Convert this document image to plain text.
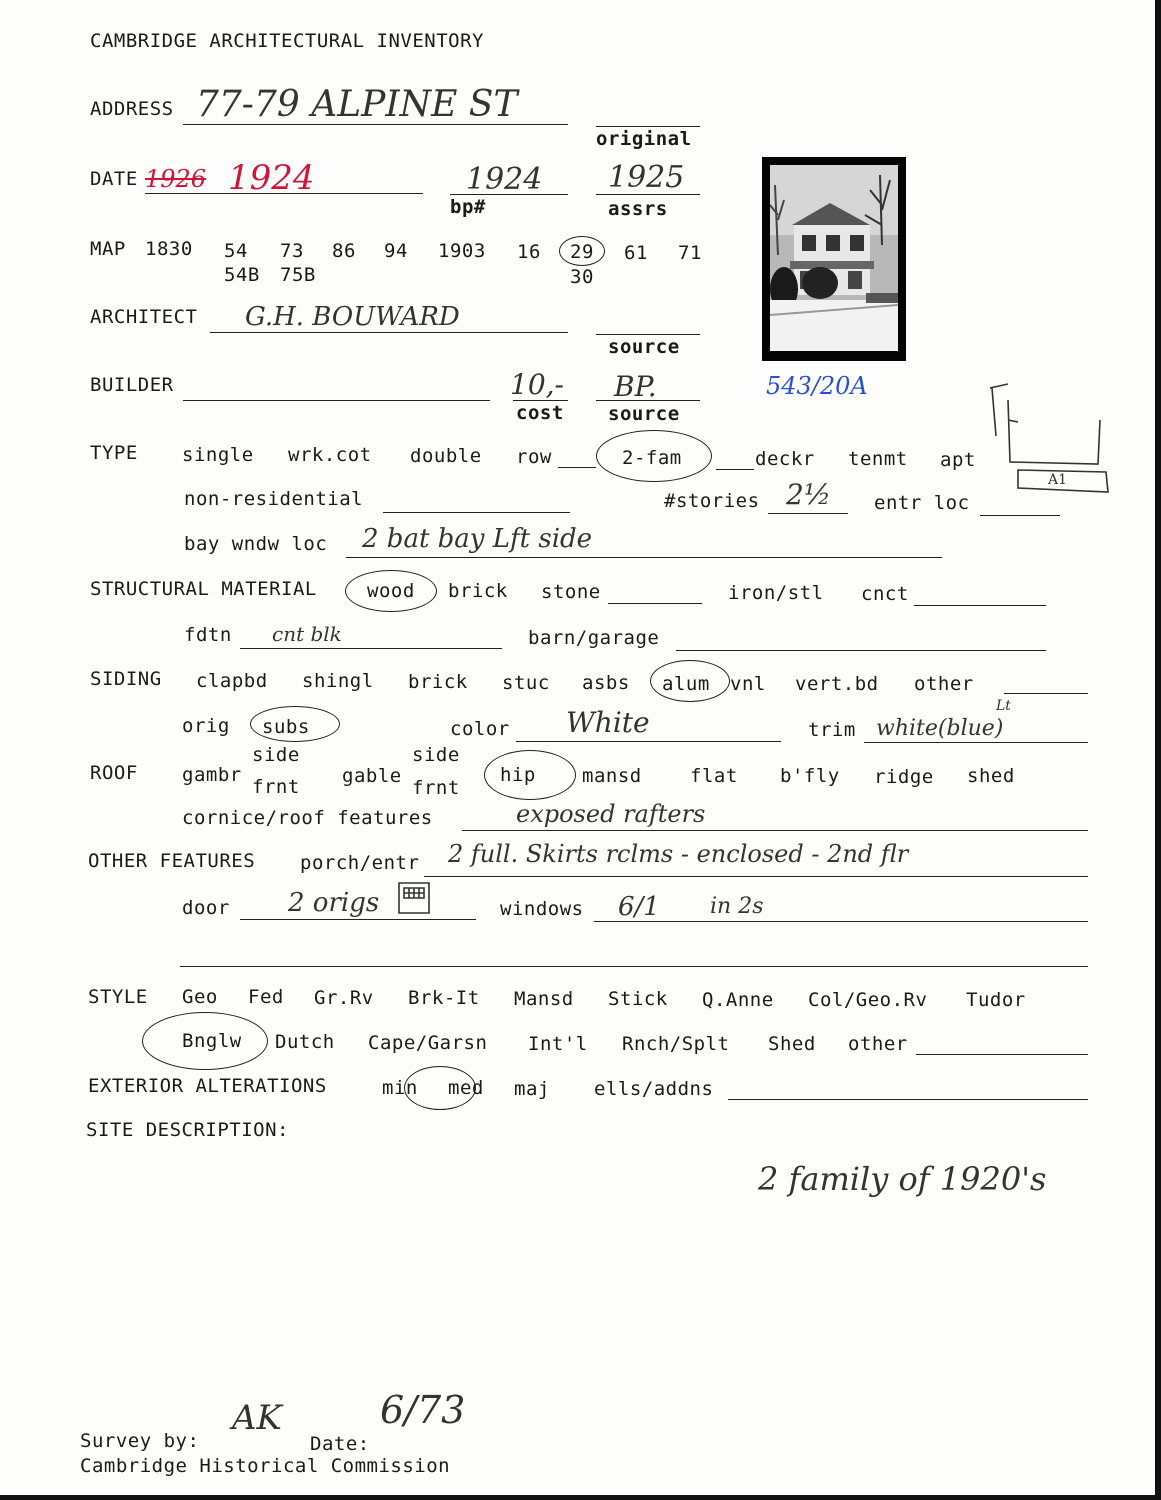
CAMBRIDGE ARCHITECTURAL INVENTORY
ADDRESS 77-79 ALPINE ST
original
DATE 1926 1924	1924
bp#
1925
assrs
MAP 1830 54 73 86 94 1903 16 29 61 71
54B 75B	30
ARCHITECT G.H. BOUWARD
source
BUILDER	10,-
cost
BP.
source
543/20A
A1
TYPE single wrk.cot double row	2-fam	deckr tenmt apt
non-residential	#stories 2½ entr loc
bay wndw loc 2 bat bay Lft side
STRUCTURAL MATERIAL	wood brick stone	iron/stl cnct
fdtn cnt blk	barn/garage
SIDING clapbd shingl brick stuc asbs alum vnl vert.bd other
orig subs	color White	trim white(blue)
Lt
ROOF gambr
side
frnt gable
side
frnt
hip mansd	flat b'fly ridge shed
cornice/roof features	exposed rafters
OTHER FEATURES porch/entr 2 full. Skirts rclms - enclosed - 2nd flr
door 2 origs	windows 6/1 in 2s
STYLE Geo Fed Gr.Rv Brk-It Mansd Stick Q.Anne Col/Geo.Rv Tudor
Bnglw Dutch Cape/Garsn Int'l Rnch/Splt Shed other
EXTERIOR ALTERATIONS	min med maj ells/addns
SITE DESCRIPTION:
2 family of 1920's
AK	6/73
Survey by:	Date:
Cambridge Historical Commission
